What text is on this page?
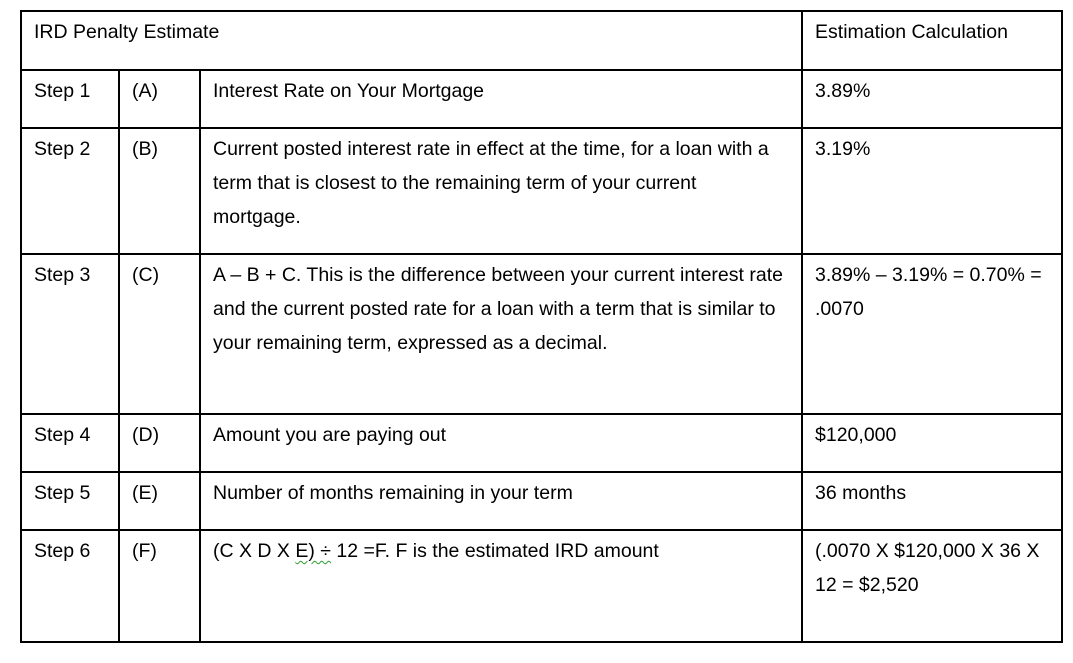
IRD Penalty Estimate			Estimation Calculation
Step 1	(A)	Interest Rate on Your Mortgage	3.89%
Step 2	(B)	Current posted interest rate in effect at the time, for a loan with a term that is closest to the remaining term of your current mortgage.	3.19%
Step 3	(C)	A – B + C. This is the difference between your current interest rate and the current posted rate for a loan with a term that is similar to your remaining term, expressed as a decimal.	3.89% – 3.19% = 0.70% = .0070
Step 4	(D)	Amount you are paying out	$120,000
Step 5	(E)	Number of months remaining in your term	36 months
Step 6	(F)	(C X D X E) ÷ 12 =F. F is the estimated IRD amount	(.0070 X $120,000 X 36 X 12 = $2,520
